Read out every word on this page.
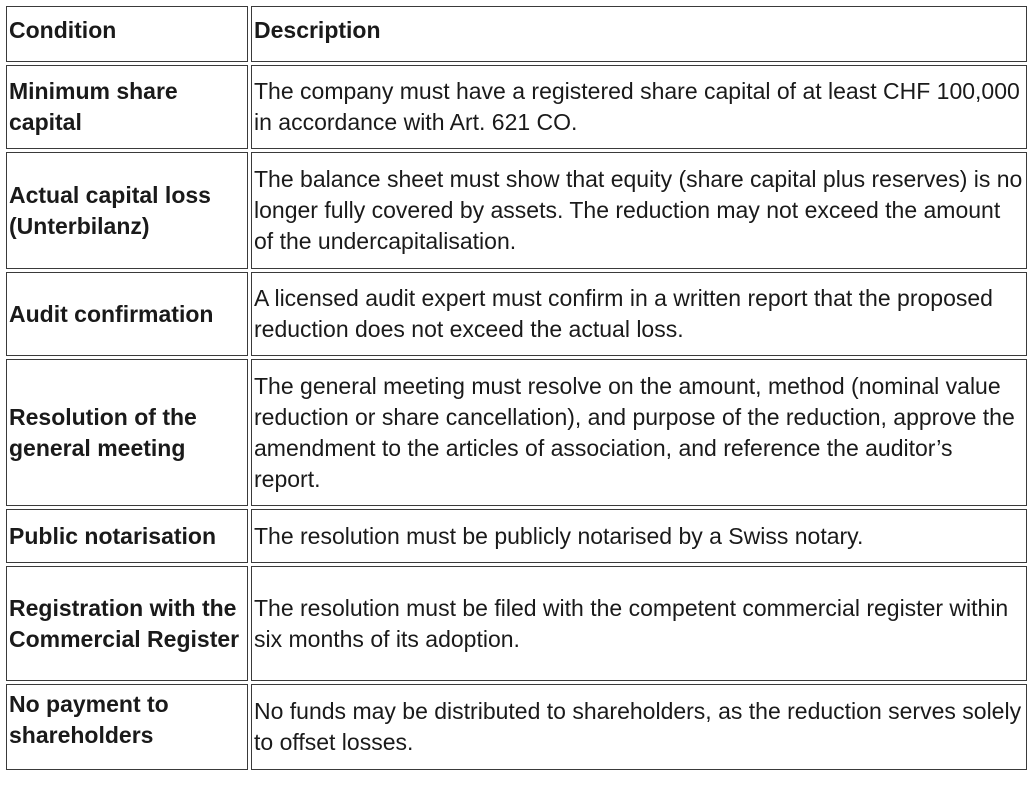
Condition	Description
Minimum share capital	The company must have a registered share capital of at least CHF 100,000 in accordance with Art. 621 CO.
Actual capital loss (Unterbilanz)	The balance sheet must show that equity (share capital plus reserves) is no longer fully covered by assets. The reduction may not exceed the amount of the undercapitalisation.
Audit confirmation	A licensed audit expert must confirm in a written report that the proposed reduction does not exceed the actual loss.
Resolution of the general meeting	The general meeting must resolve on the amount, method (nominal value reduction or share cancellation), and purpose of the reduction, approve the amendment to the articles of association, and reference the auditor’s report.
Public notarisation	The resolution must be publicly notarised by a Swiss notary.
Registration with the Commercial Register	The resolution must be filed with the competent commercial register within six months of its adoption.
No payment to shareholders	No funds may be distributed to shareholders, as the reduction serves solely to offset losses.
